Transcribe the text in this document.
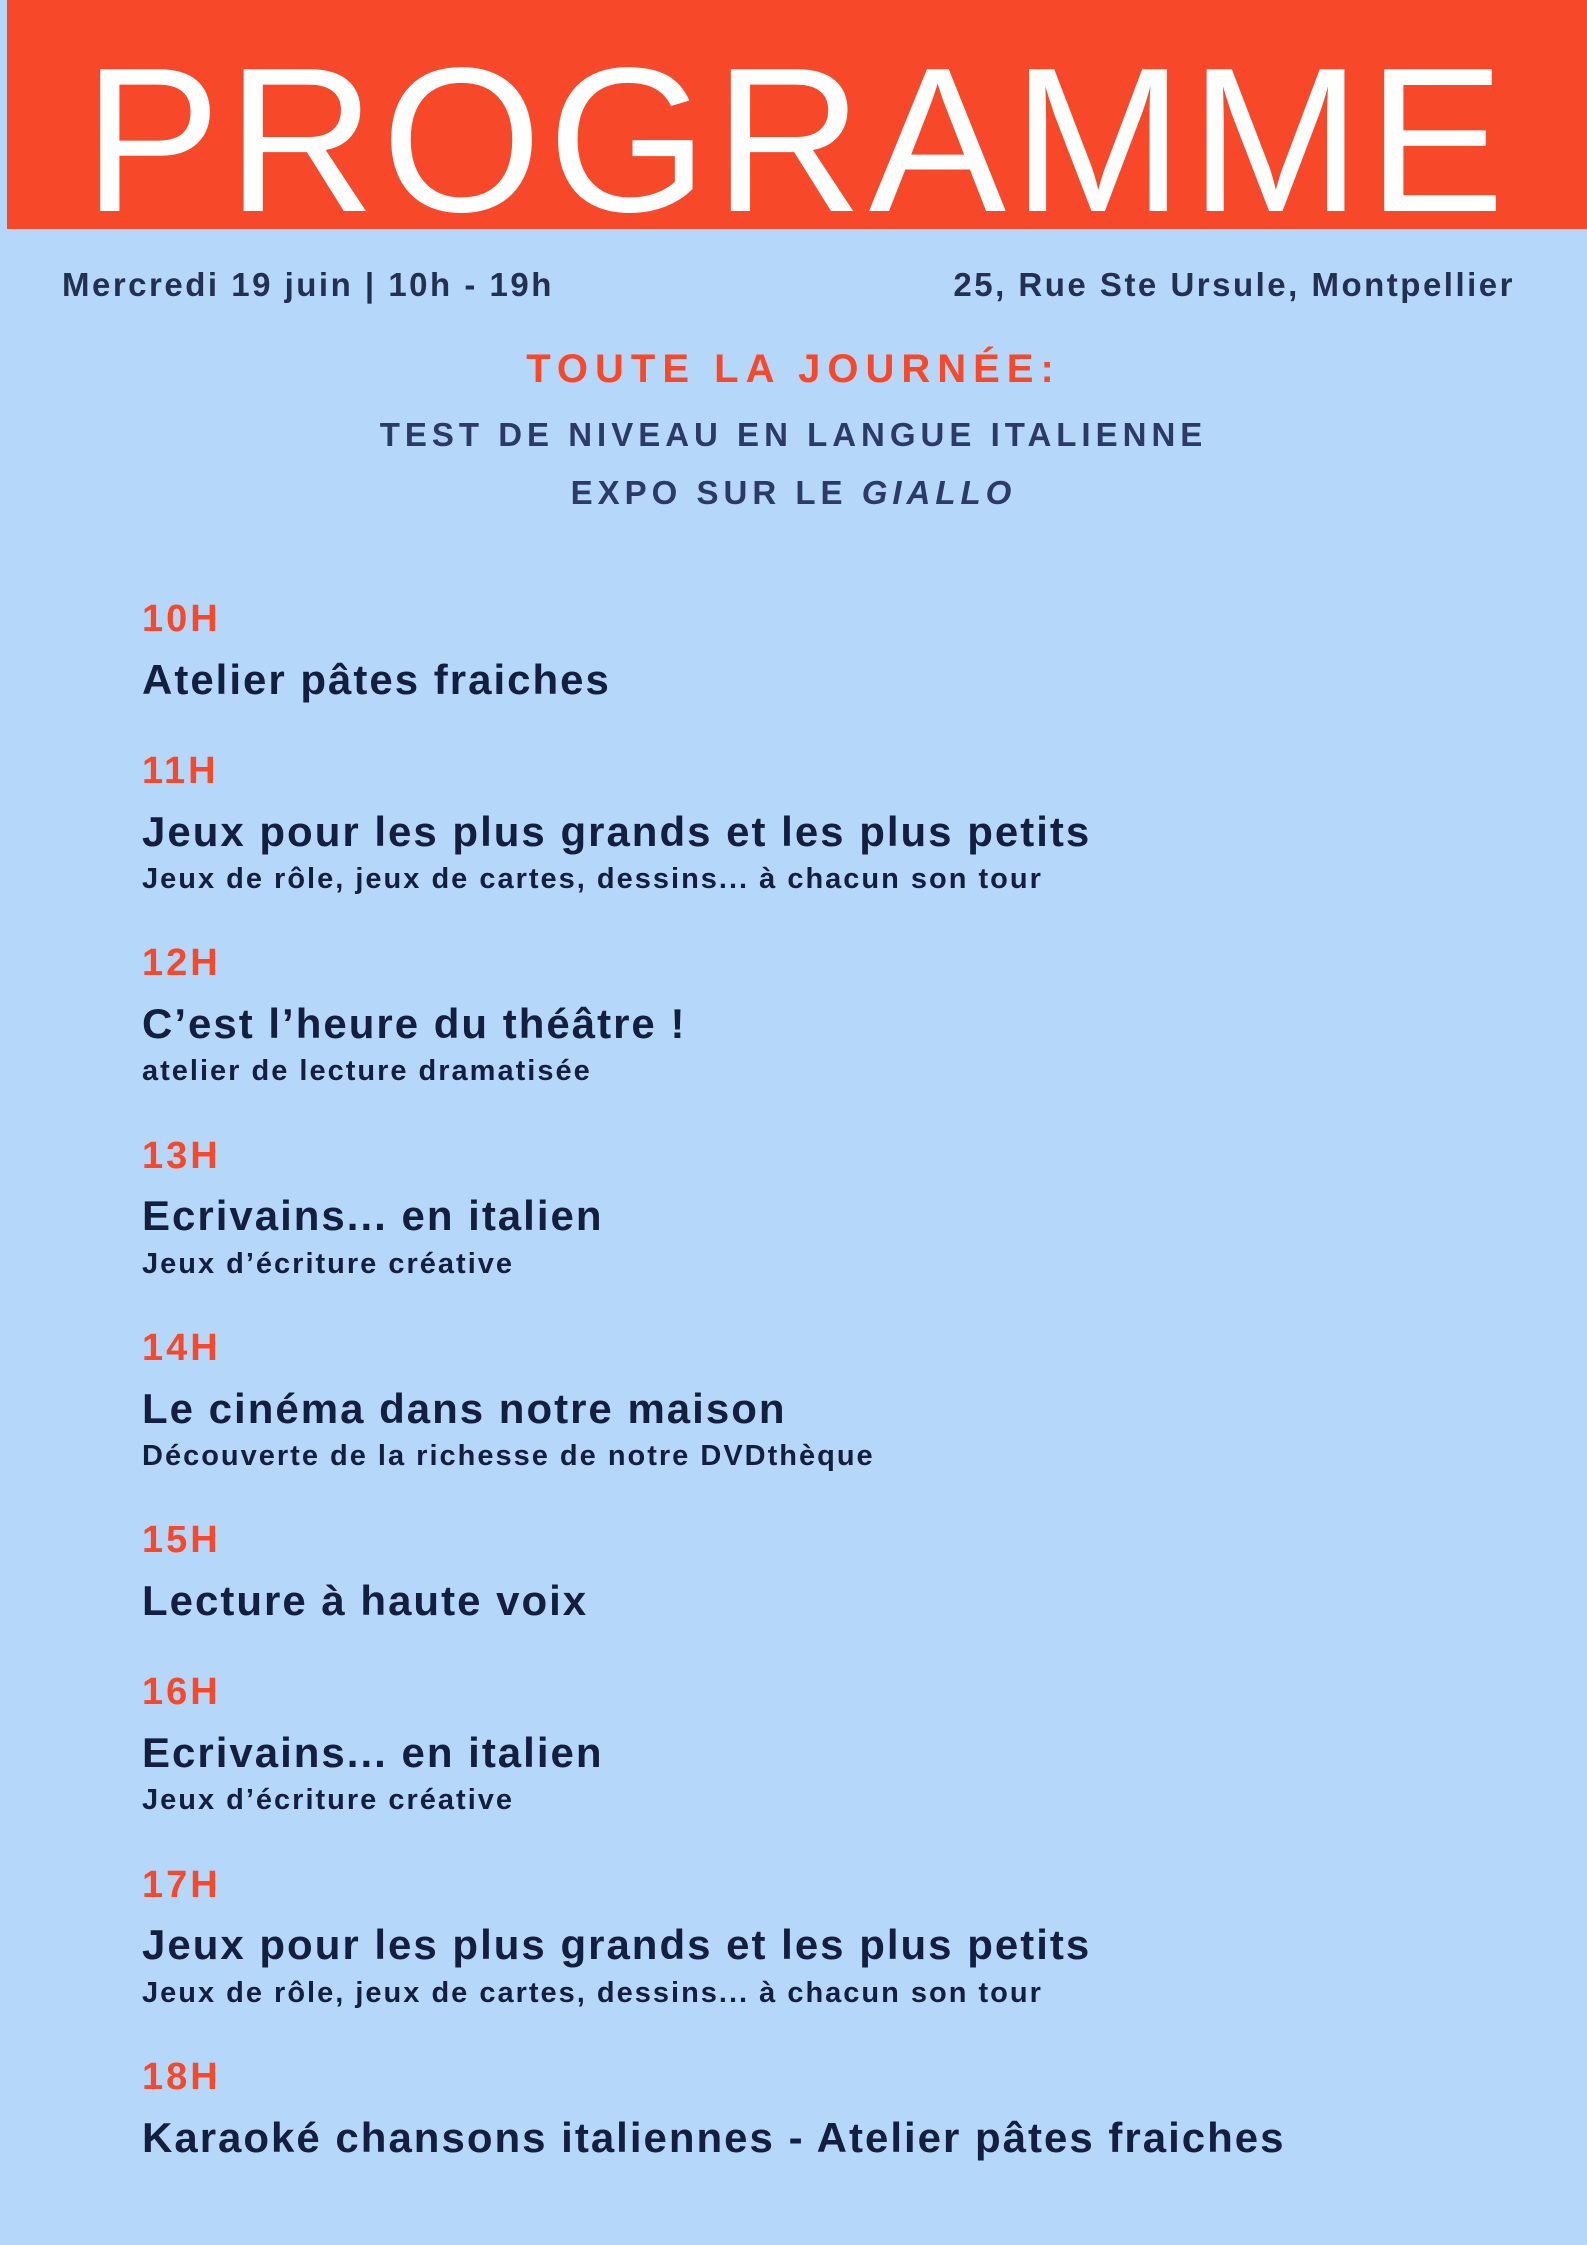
PROGRAMME
Mercredi 19 juin | 10h - 19h	25, Rue Ste Ursule, Montpellier
TOUTE LA JOURNÉE:
TEST DE NIVEAU EN LANGUE ITALIENNE
EXPO SUR LE GIALLO
10H
Atelier pâtes fraiches
11H
Jeux pour les plus grands et les plus petits
Jeux de rôle, jeux de cartes, dessins... à chacun son tour
12H
C’est l’heure du théâtre !
atelier de lecture dramatisée
13H
Ecrivains... en italien
Jeux d’écriture créative
14H
Le cinéma dans notre maison
Découverte de la richesse de notre DVDthèque
15H
Lecture à haute voix
16H
Ecrivains... en italien
Jeux d’écriture créative
17H
Jeux pour les plus grands et les plus petits
Jeux de rôle, jeux de cartes, dessins... à chacun son tour
18H
Karaoké chansons italiennes - Atelier pâtes fraiches
